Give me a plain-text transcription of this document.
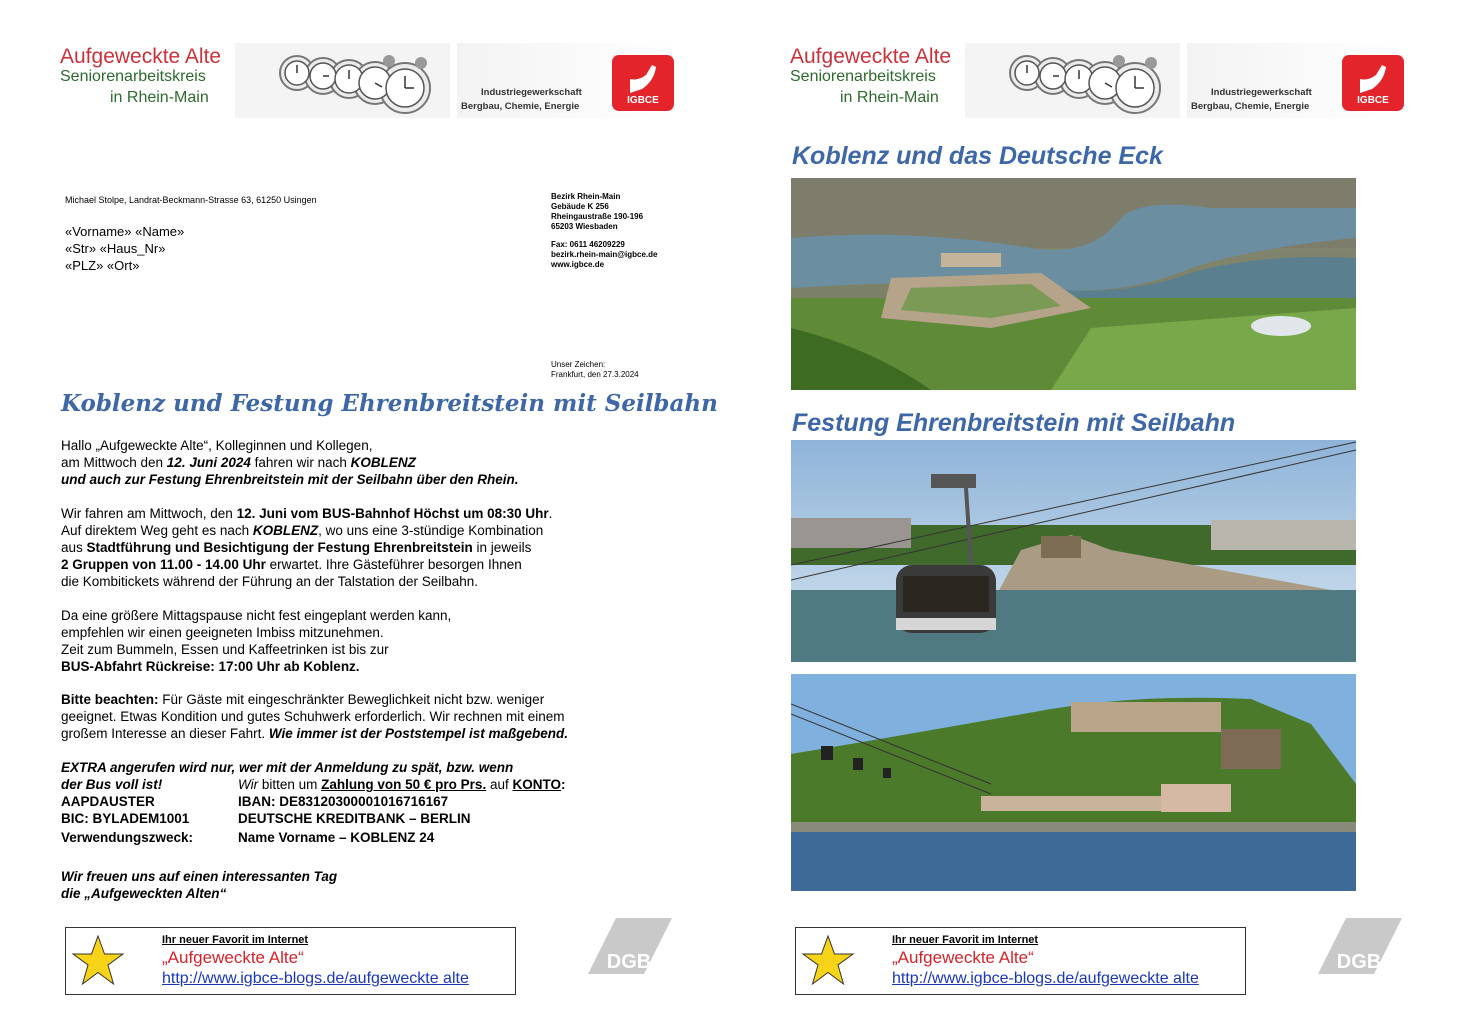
Aufgeweckte Alte
Seniorenarbeitskreis
in Rhein-Main	Industriegewerkschaft
Bergbau, Chemie, Energie
IGBCE
Michael Stolpe, Landrat-Beckmann-Strasse 63, 61250 Usingen
«Vorname» «Name»
«Str» «Haus_Nr»
«PLZ» «Ort»
Bezirk Rhein-Main
Gebäude K 256
Rheingaustraße 190-196
65203 Wiesbaden
Fax: 0611 46209229
bezirk.rhein-main@igbce.de
www.igbce.de
Unser Zeichen:
Frankfurt, den 27.3.2024
Koblenz und Festung Ehrenbreitstein mit Seilbahn
Hallo „Aufgeweckte Alte“, Kolleginnen und Kollegen,
am Mittwoch den 12. Juni 2024 fahren wir nach KOBLENZ
und auch zur Festung Ehrenbreitstein mit der Seilbahn über den Rhein.
Wir fahren am Mittwoch, den 12. Juni vom BUS-Bahnhof Höchst um 08:30 Uhr.
Auf direktem Weg geht es nach KOBLENZ, wo uns eine 3-stündige Kombination
aus Stadtführung und Besichtigung der Festung Ehrenbreitstein in jeweils
2 Gruppen von 11.00 - 14.00 Uhr erwartet. Ihre Gästeführer besorgen Ihnen
die Kombitickets während der Führung an der Talstation der Seilbahn.
Da eine größere Mittagspause nicht fest eingeplant werden kann,
empfehlen wir einen geeigneten Imbiss mitzunehmen.
Zeit zum Bummeln, Essen und Kaffeetrinken ist bis zur
BUS-Abfahrt Rückreise: 17:00 Uhr ab Koblenz.
Bitte beachten: Für Gäste mit eingeschränkter Beweglichkeit nicht bzw. weniger
geeignet. Etwas Kondition und gutes Schuhwerk erforderlich. Wir rechnen mit einem
großem Interesse an dieser Fahrt. Wie immer ist der Poststempel ist maßgebend.
EXTRA angerufen wird nur, wer mit der Anmeldung zu spät, bzw. wenn
der Bus voll ist!	Wir bitten um Zahlung von 50 € pro Prs. auf KONTO:
AAPDAUSTER	IBAN: DE83120300001016716167
BIC: BYLADEM1001	DEUTSCHE KREDITBANK – BERLIN
Verwendungszweck:	Name Vorname – KOBLENZ 24
Wir freuen uns auf einen interessanten Tag
die „Aufgeweckten Alten“
Ihr neuer Favorit im Internet
„Aufgeweckte Alte“
http://www.igbce-blogs.de/aufgeweckte alte
DGB
Aufgeweckte Alte
Seniorenarbeitskreis
in Rhein-Main	Industriegewerkschaft
Bergbau, Chemie, Energie
IGBCE
Koblenz und das Deutsche Eck
Festung Ehrenbreitstein mit Seilbahn
Ihr neuer Favorit im Internet
„Aufgeweckte Alte“
http://www.igbce-blogs.de/aufgeweckte alte
DGB
